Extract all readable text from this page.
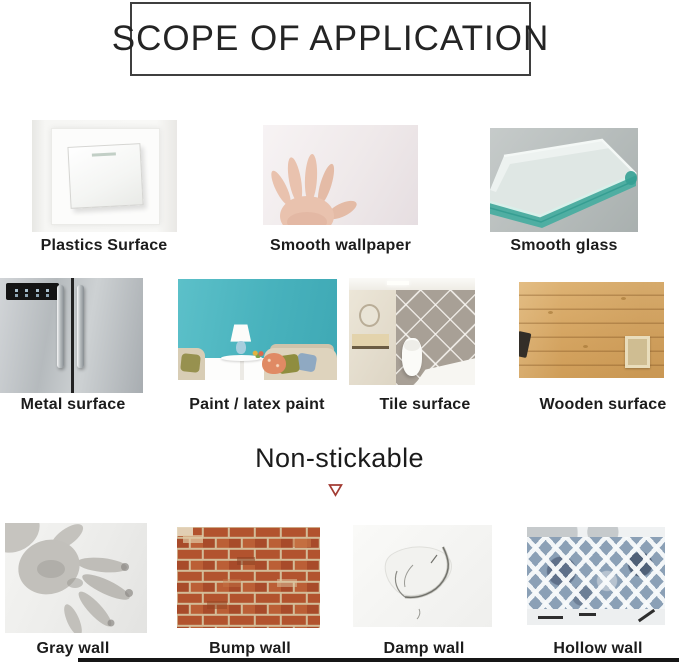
SCOPE OF APPLICATION
Plastics Surface	Smooth wallpaper	Smooth glass
Metal surface	Paint / latex paint	Tile surface	Wooden surface
Non-stickable
Gray wall	Bump wall	Damp wall	Hollow wall
